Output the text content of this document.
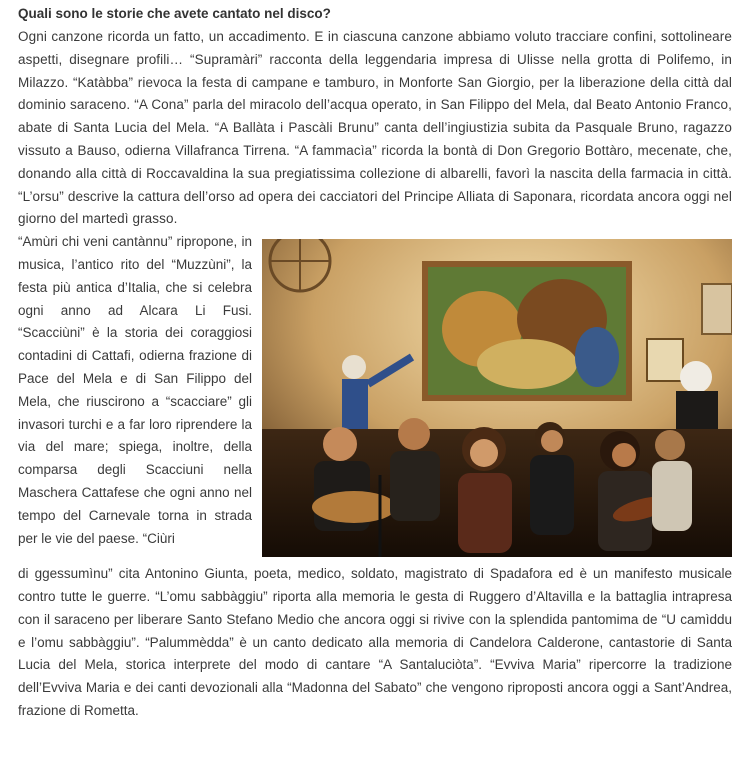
Quali sono le storie che avete cantato nel disco?

Ogni canzone ricorda un fatto, un accadimento. E in ciascuna canzone abbiamo voluto tracciare confini, sottolineare aspetti, disegnare profili… “Supramàri” racconta della leggendaria impresa di Ulisse nella grotta di Polifemo, in Milazzo. “Katàbba” rievoca la festa di campane e tamburo, in Monforte San Giorgio, per la liberazione della città dal dominio saraceno. “A Cona” parla del miracolo dell’acqua operato, in San Filippo del Mela, dal Beato Antonio Franco, abate di Santa Lucia del Mela. “A Ballàta i Pascàli Brunu” canta dell’ingiustizia subita da Pasquale Bruno, ragazzo vissuto a Bauso, odierna Villafranca Tirrena. “A fammacìa” ricorda la bontà di Don Gregorio Bottàro, mecenate, che, donando alla città di Roccavaldina la sua pregiatissima collezione di albarelli, favorì la nascita della farmacia in città. “L’orsu” descrive la cattura dell’orso ad opera dei cacciatori del Principe Alliata di Saponara, ricordata ancora oggi nel giorno del martedì grasso.

“Amùri chi veni cantànnu” ripropone, in musica, l’antico rito del “Muzzùni”, la festa più antica d’Italia, che si celebra ogni anno ad Alcara Li Fusi. “Scacciùni” è la storia dei coraggiosi contadini di Cattafi, odierna frazione di Pace del Mela e di San Filippo del Mela, che riuscirono a “scacciare” gli invasori turchi e a far loro riprendere la via del mare; spiega, inoltre, della comparsa degli Scacciuni nella Maschera Cattafese che ogni anno nel tempo del Carnevale torna in strada per le vie del paese. “Ciùri

di ggessumìnu” cita Antonino Giunta, poeta, medico, soldato, magistrato di Spadafora ed è un manifesto musicale contro tutte le guerre. “L’omu sabbàggiu” riporta alla memoria le gesta di Ruggero d’Altavilla e la battaglia intrapresa con il saraceno per liberare Santo Stefano Medio che ancora oggi si rivive con la splendida pantomima de “U camìddu e l’omu sabbàggiu”. “Palummèdda” è un canto dedicato alla memoria di Candelora Calderone, cantastorie di Santa Lucia del Mela, storica interprete del modo di cantare “A Santaluciòta”. “Evviva Maria” ripercorre la tradizione dell’Evviva Maria e dei canti devozionali alla “Madonna del Sabato” che vengono riproposti ancora oggi a Sant’Andrea, frazione di Rometta.
